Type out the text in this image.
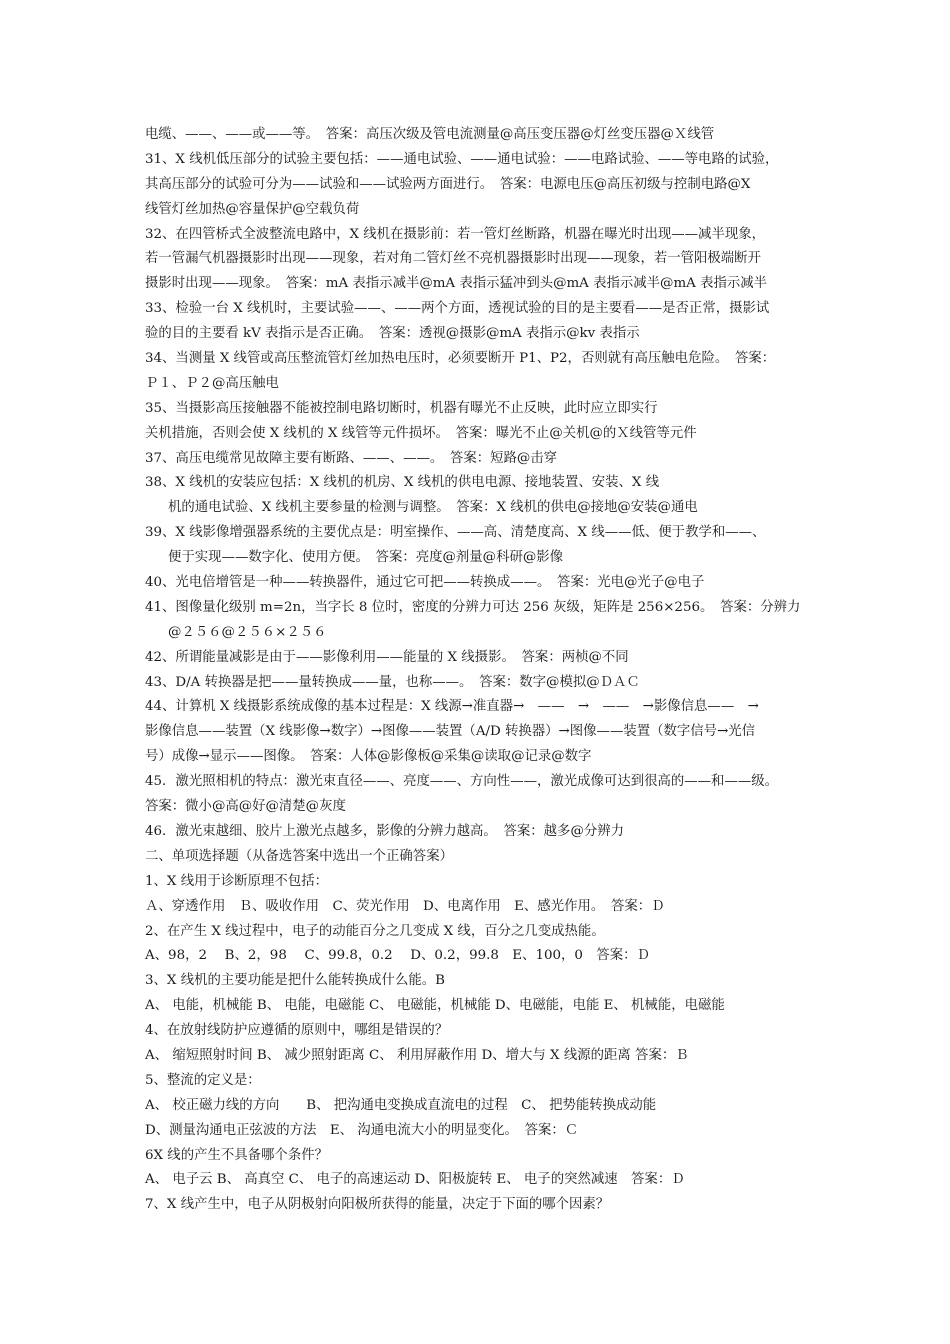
电缆、——、——或——等。　答案：高压次级及管电流测量@高压变压器@灯丝变压器@Ｘ线管
31、X 线机低压部分的试验主要包括：——通电试验、——通电试验：——电路试验、——等电路的试验，
其高压部分的试验可分为——试验和——试验两方面进行。　答案：电源电压@高压初级与控制电路@X
线管灯丝加热@容量保护@空载负荷
32、在四管桥式全波整流电路中，X 线机在摄影前：若一管灯丝断路，机器在曝光时出现——减半现象，
若一管漏气机器摄影时出现——现象，若对角二管灯丝不亮机器摄影时出现——现象，若一管阳极端断开
摄影时出现——现象。　答案：mA 表指示减半@mA 表指示猛冲到头@mA 表指示减半@mA 表指示减半
33、检验一台 X 线机时，主要试验——、——两个方面，透视试验的目的是主要看——是否正常，摄影试
验的目的主要看 kV 表指示是否正确。　答案：透视@摄影@mA 表指示@kv 表指示
34、当测量 X 线管或高压整流管灯丝加热电压时，必须要断开 P1、P2，否则就有高压触电危险。　答案：
Ｐ１、Ｐ２@高压触电
35、当摄影高压接触器不能被控制电路切断时，机器有曝光不止反映，此时应立即实行
关机措施，否则会使 X 线机的 X 线管等元件损坏。　答案：曝光不止@关机@的Ｘ线管等元件
37、高压电缆常见故障主要有断路、——、——。　答案：短路@击穿
38、X 线机的安装应包括：X 线机的机房、X 线机的供电电源、接地装置、安装、X 线
机的通电试验、X 线机主要参量的检测与调整。　答案：X 线机的供电@接地@安装@通电
39、X 线影像增强器系统的主要优点是：明室操作、——高、清楚度高、X 线——低、便于教学和——、
便于实现——数字化、使用方便。　答案：亮度@剂量@科研@影像
40、光电倍增管是一种——转换器件，通过它可把——转换成——。　答案：光电@光子@电子
41、图像量化级别 m=2n，当字长 8 位时，密度的分辨力可达 256 灰级，矩阵是 256×256。　答案：分辨力
@２５６@２５６×２５６
42、所谓能量减影是由于——影像利用——能量的 X 线摄影。　答案：两桢@不同
43、D/A 转换器是把——量转换成——量，也称——。　答案：数字@模拟@ＤＡＣ
44、计算机 X 线摄影系统成像的基本过程是：X 线源→准直器→　——　→　——　→影像信息——　→
影像信息——装置（X 线影像→数字）→图像——装置（A/D 转换器）→图像——装置（数字信号→光信
号）成像→显示——图像。　答案：人体@影像板@采集@读取@记录@数字
45．激光照相机的特点：激光束直径——、亮度——、方向性——，激光成像可达到很高的——和——级。
答案：微小@高@好@清楚@灰度
46．激光束越细、胶片上激光点越多，影像的分辨力越高。　答案：越多@分辨力
二、单项选择题（从备选答案中选出一个正确答案）
1、X 线用于诊断原理不包括：
Ａ、穿透作用　Ｂ、吸收作用　C、荧光作用　D、电离作用　E、感光作用。　答案：Ｄ
2、在产生 X 线过程中，电子的动能百分之几变成 X 线，百分之几变成热能。
A、98，2　 B、2，98　 C、99.8，0.2　 D、0.2，99.8　E、100，0　答案：Ｄ
3、X 线机的主要功能是把什么能转换成什么能。B
A、 电能，机械能 B、 电能，电磁能 C、 电磁能，机械能 D、电磁能，电能 E、 机械能，电磁能
4、在放射线防护应遵循的原则中，哪组是错误的？
A、 缩短照射时间 B、 减少照射距离 C、 利用屏蔽作用 D、增大与 X 线源的距离 答案：Ｂ
5、整流的定义是：
A、 校正磁力线的方向　　B、 把沟通电变换成直流电的过程　C、 把势能转换成动能
D、测量沟通电正弦波的方法　E、 沟通电流大小的明显变化。　答案：Ｃ
6X 线的产生不具备哪个条件？
A、 电子云 B、 高真空 C、 电子的高速运动 D、阳极旋转 E、 电子的突然减速　答案：Ｄ
7、X 线产生中，电子从阴极射向阳极所获得的能量，决定于下面的哪个因素？
